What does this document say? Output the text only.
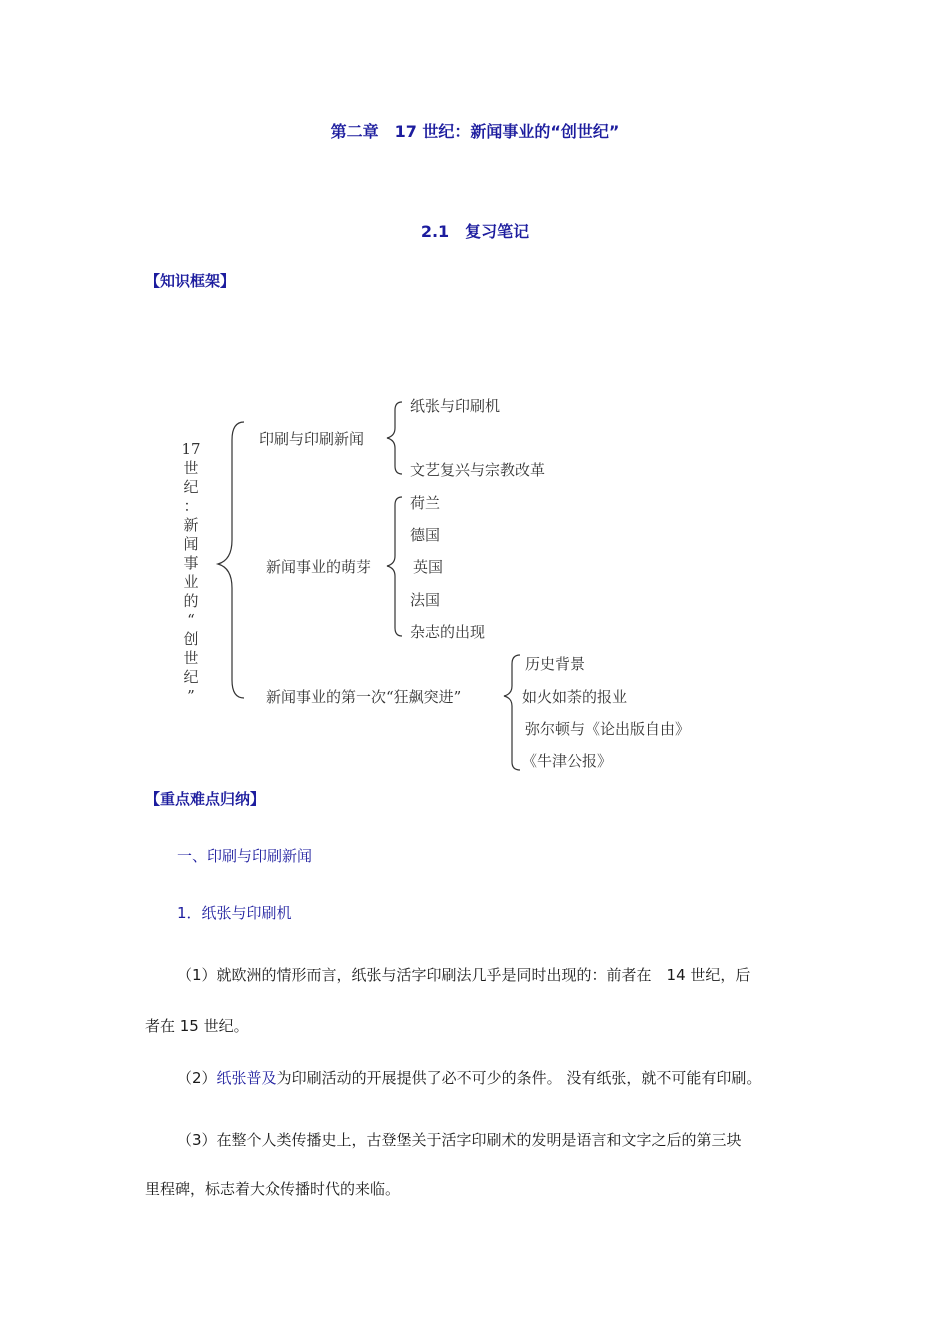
第二章　17 世纪：新闻事业的“创世纪”
2.1　复习笔记
【知识框架】
17
世
纪
：
新
闻
事
业
的
“
创
世
纪
”
印刷与印刷新闻
纸张与印刷机
文艺复兴与宗教改革
新闻事业的萌芽
荷兰
德国
英国
法国
杂志的出现
新闻事业的第一次“狂飙突进”
历史背景
如火如荼的报业
弥尔顿与《论出版自由》
《牛津公报》
【重点难点归纳】
一、印刷与印刷新闻
1．纸张与印刷机
（1）就欧洲的情形而言，纸张与活字印刷法几乎是同时出现的：前者在　14 世纪，后
者在 15 世纪。
（2）纸张普及为印刷活动的开展提供了必不可少的条件。 没有纸张，就不可能有印刷。
（3）在整个人类传播史上，古登堡关于活字印刷术的发明是语言和文字之后的第三块
里程碑，标志着大众传播时代的来临。
